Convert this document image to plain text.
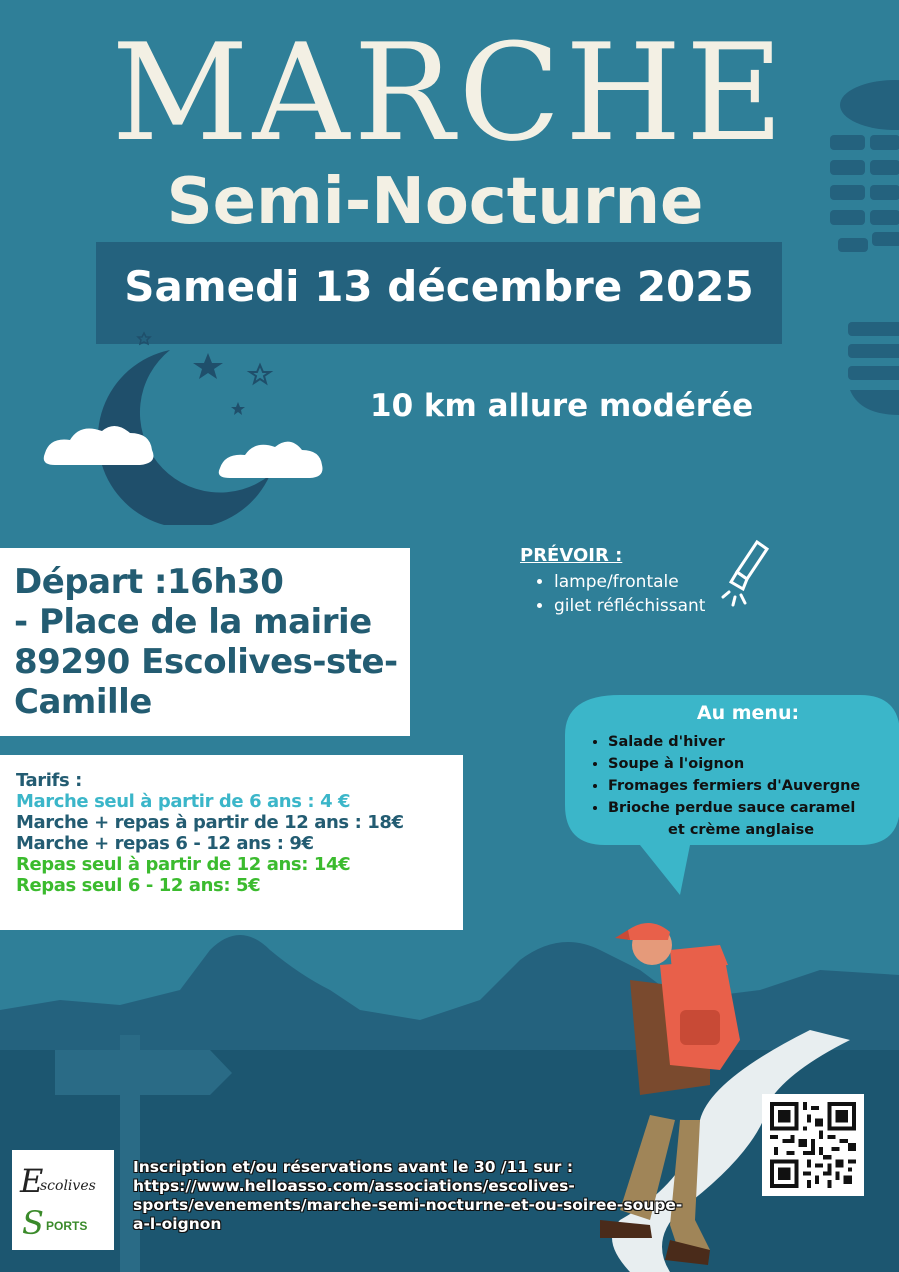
MARCHE
Semi-Nocturne
Samedi 13 décembre 2025
10 km allure modérée
Départ :16h30
- Place de la mairie
89290 Escolives-ste-
Camille
Tarifs :
Marche seul à partir de 6 ans : 4 €
Marche + repas à partir de 12 ans : 18€
Marche + repas 6 - 12 ans : 9€
Repas seul à partir de 12 ans: 14€
Repas seul 6 - 12 ans: 5€
PRÉVOIR :
• lampe/frontale
• gilet réfléchissant
Au menu:
• Salade d'hiver
• Soupe à l'oignon
• Fromages fermiers d'Auvergne
• Brioche perdue sauce caramel
et crème anglaise
E
scolives
S PORTS
Inscription et/ou réservations avant le 30 /11 sur :
https://www.helloasso.com/associations/escolives-
sports/evenements/marche-semi-nocturne-et-ou-soiree-soupe-
a-l-oignon
